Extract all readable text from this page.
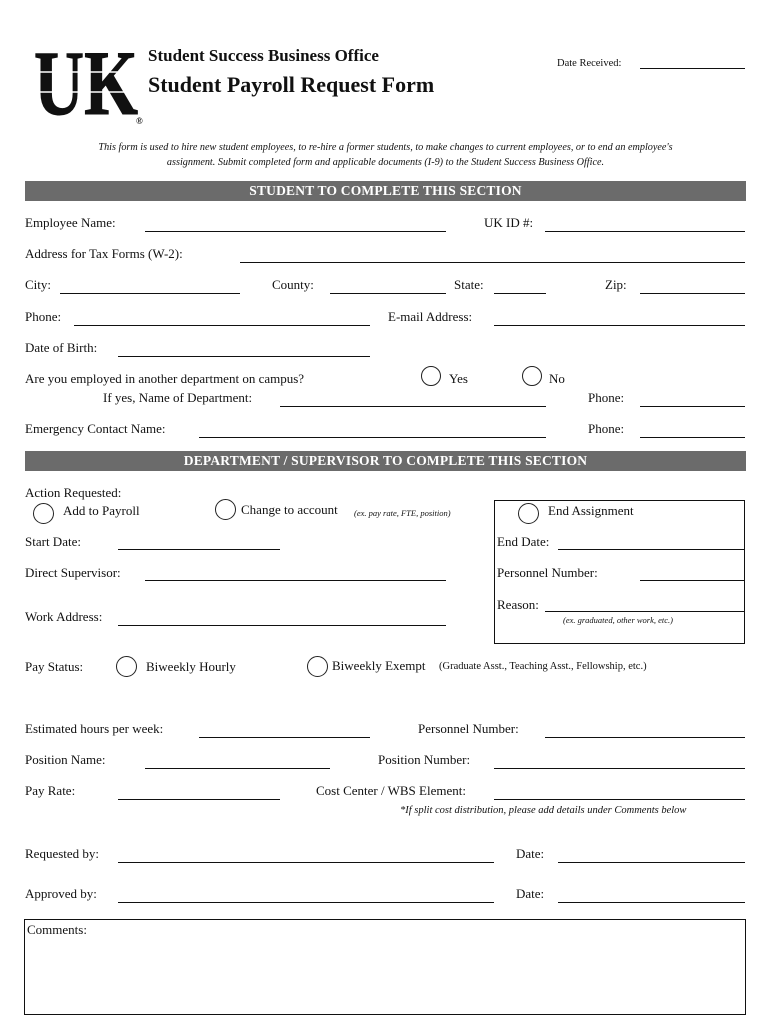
UK
®
Student Success Business Office
Student Payroll Request Form
Date Received:
This form is used to hire new student employees, to re-hire a former students, to make changes to current employees, or to end an employee's
assignment. Submit completed form and applicable documents (I-9) to the Student Success Business Office.
STUDENT TO COMPLETE THIS SECTION
Employee Name:	UK ID #:
Address for Tax Forms (W-2):
City:	County:	State:	Zip:
Phone:	E-mail Address:
Date of Birth:
Are you employed in another department on campus?	Yes	No
If yes, Name of Department:	Phone:
Emergency Contact Name:	Phone:
DEPARTMENT / SUPERVISOR TO COMPLETE THIS SECTION
Action Requested:
Add to Payroll	Change to account (ex. pay rate, FTE, position)	End Assignment
Start Date:	End Date:
Direct Supervisor:	Personnel Number:
Reason:
(ex. graduated, other work, etc.)
Work Address:
Pay Status:	Biweekly Hourly	Biweekly Exempt (Graduate Asst., Teaching Asst., Fellowship, etc.)
Estimated hours per week:	Personnel Number:
Position Name:	Position Number:
Pay Rate:	Cost Center / WBS Element:
*If split cost distribution, please add details under Comments below
Requested by:	Date:
Approved by:	Date:
Comments:
